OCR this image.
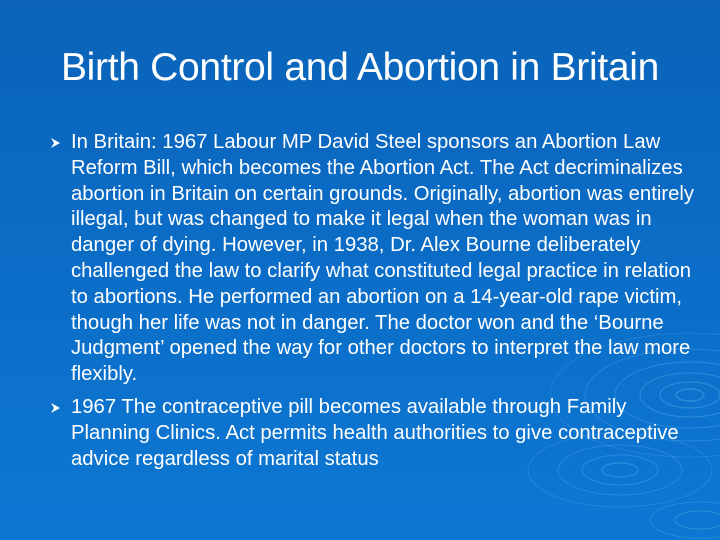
Birth Control and Abortion in Britain
In Britain: 1967 Labour MP David Steel sponsors an Abortion Law Reform Bill, which becomes the Abortion Act. The Act decriminalizes abortion in Britain on certain grounds. Originally, abortion was entirely illegal, but was changed to make it legal when the woman was in danger of dying. However, in 1938, Dr. Alex Bourne deliberately challenged the law to clarify what constituted legal practice in relation to abortions. He performed an abortion on a 14-year-old rape victim, though her life was not in danger. The doctor won and the ‘Bourne Judgment’ opened the way for other doctors to interpret the law more flexibly.
1967 The contraceptive pill becomes available through Family Planning Clinics. Act permits health authorities to give contraceptive advice regardless of marital status
